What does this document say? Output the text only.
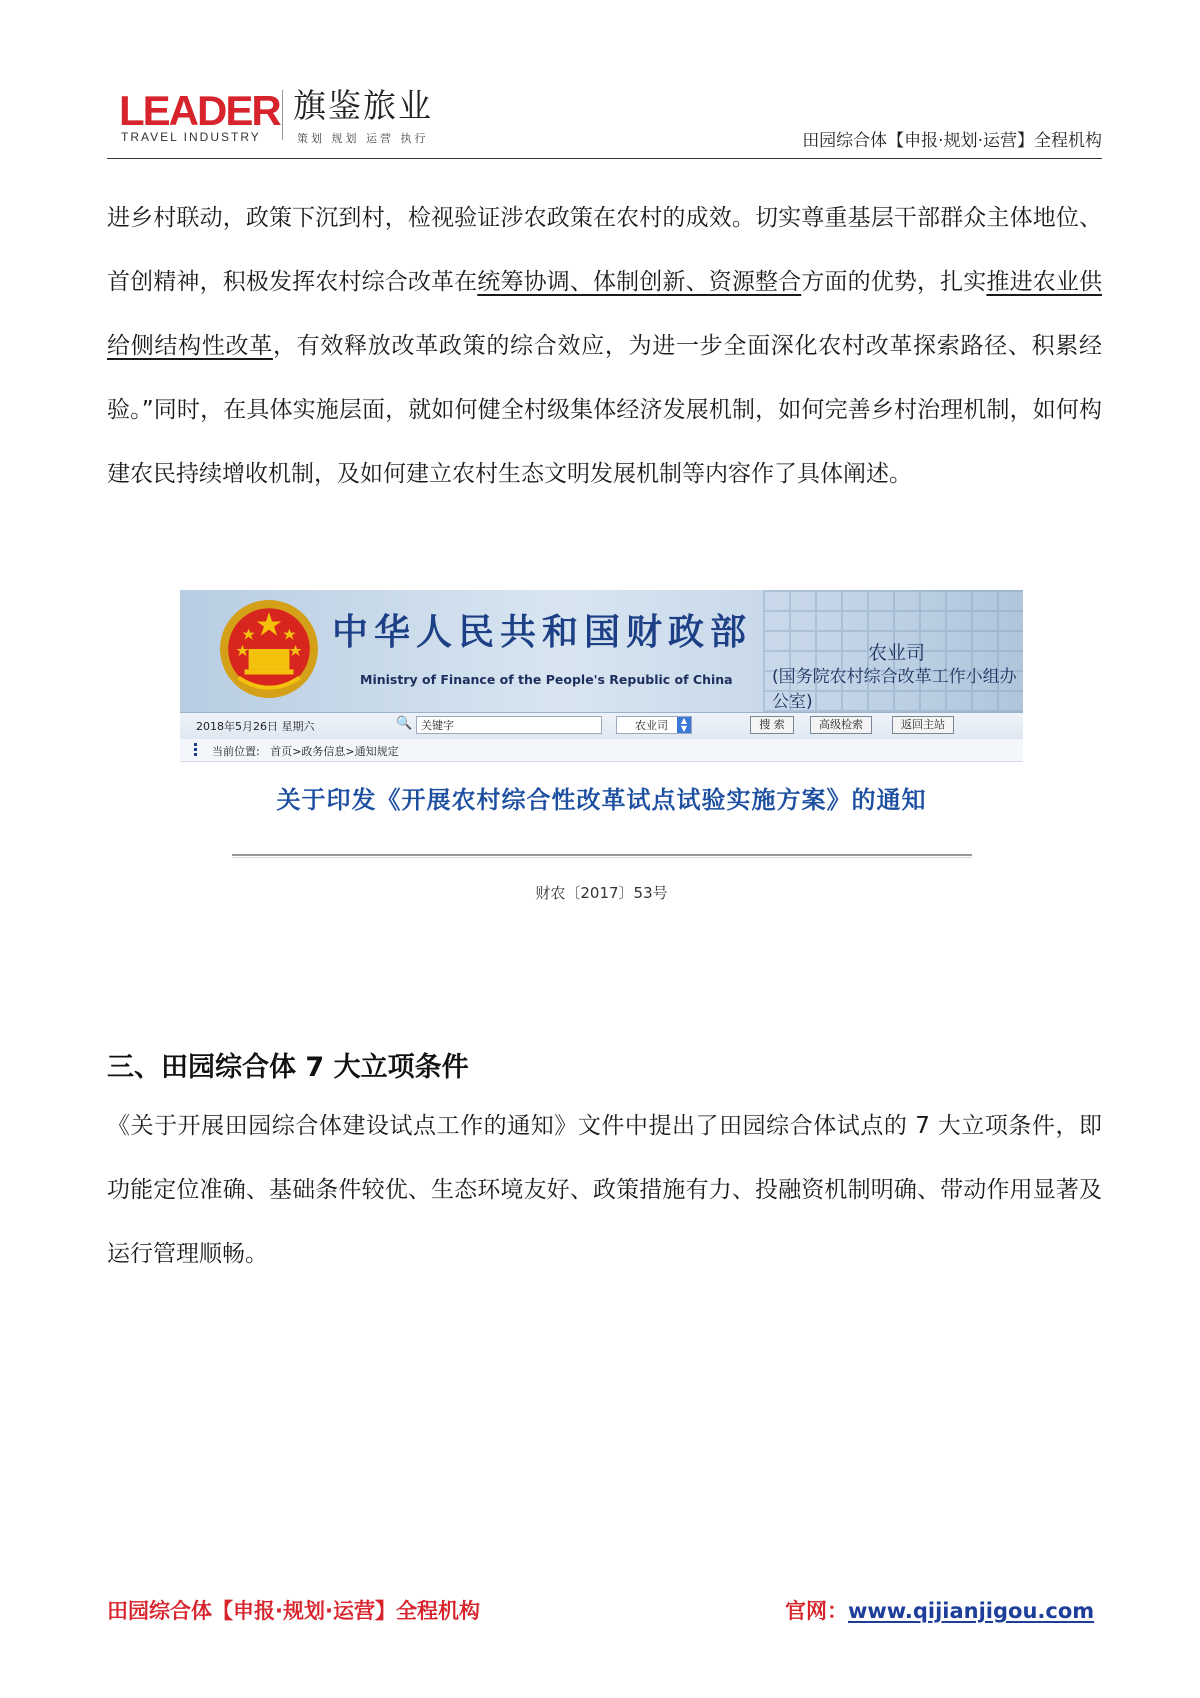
LEADER
TRAVEL INDUSTRY
旗鉴旅业
策划 规划 运营 执行	田园综合体【申报·规划·运营】全程机构

进乡村联动，政策下沉到村，检视验证涉农政策在农村的成效。切实尊重基层干部群众主体地位、首创精神，积极发挥农村综合改革在统筹协调、体制创新、资源整合方面的优势，扎实推进农业供给侧结构性改革，有效释放改革政策的综合效应，为进一步全面深化农村改革探索路径、积累经验。”同时，在具体实施层面，就如何健全村级集体经济发展机制，如何完善乡村治理机制，如何构建农民持续增收机制，及如何建立农村生态文明发展机制等内容作了具体阐述。

中华人民共和国财政部
Ministry of Finance of the People's Republic of China
农业司
(国务院农村综合改革工作小组办公室)
2018年5月26日 星期六	🔍 关键字	农业司	▲
▼	搜 索	高级检索	返回主站
当前位置: 首页>政务信息>通知规定
关于印发《开展农村综合性改革试点试验实施方案》的通知
财农〔2017〕53号
三、田园综合体 7 大立项条件

《关于开展田园综合体建设试点工作的通知》文件中提出了田园综合体试点的 7 大立项条件，即功能定位准确、基础条件较优、生态环境友好、政策措施有力、投融资机制明确、带动作用显著及运行管理顺畅。

田园综合体【申报·规划·运营】全程机构	官网：www.qijianjigou.com
